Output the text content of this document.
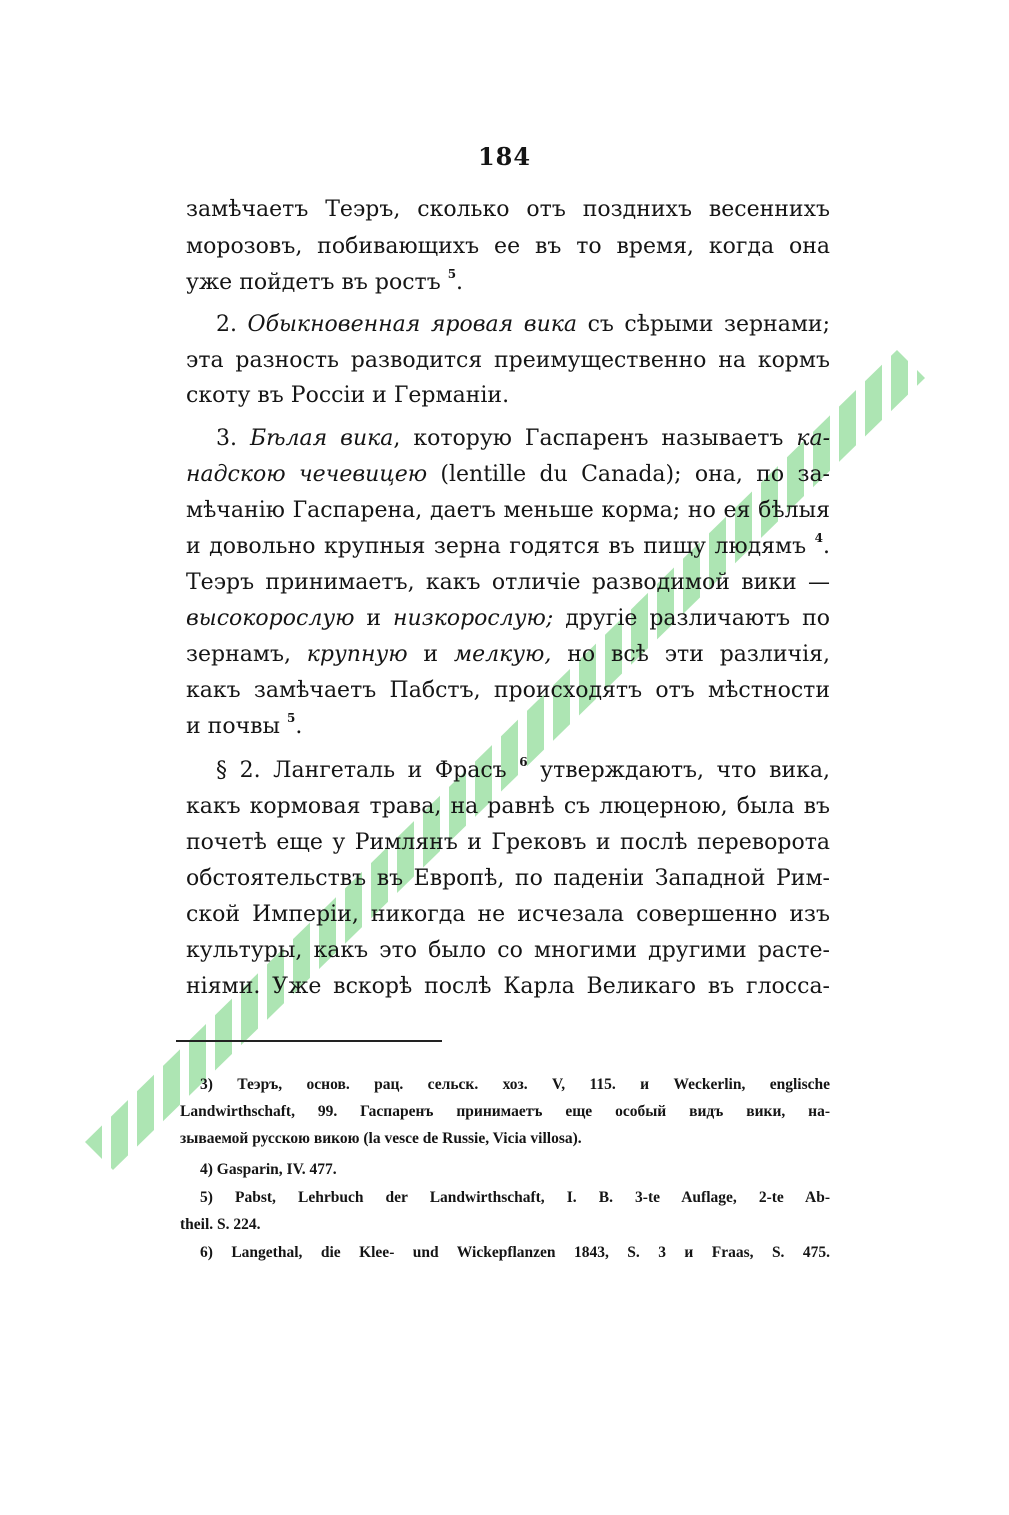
184
замѣчаетъ Теэръ, сколько отъ позднихъ весеннихъ
морозовъ, побивающихъ ее въ то время, когда она
уже пойдетъ въ ростъ $^5$.
2. Обыкновенная яровая вика съ сѣрыми зернами;
эта разность разводится преимущественно на кормъ
скоту въ Россіи и Германіи.
3. Бѣлая вика, которую Гаспаренъ называетъ ка-
надскою чечевицею (lentille du Canada); она, по за-
мѣчанію Гаспарена, даетъ меньше корма; но ея бѣлыя
и довольно крупныя зерна годятся въ пищу людямъ $^4$.
Теэръ принимаетъ, какъ отличіе разводимой вики —
высокорослую и низкорослую; другіе различаютъ по
зернамъ, крупную и мелкую, но всѣ эти различія,
какъ замѣчаетъ Пабстъ, происходятъ отъ мѣстности
и почвы $^5$.
§ 2. Лангеталь и Фрасъ $^6$ утверждаютъ, что вика,
какъ кормовая трава, на равнѣ съ люцерною, была въ
почетѣ еще у Римлянъ и Грековъ и послѣ переворота
обстоятельствъ въ Европѣ, по паденіи Западной Рим-
ской Имперіи, никогда не исчезала совершенно изъ
культуры, какъ это было со многими другими расте-
ніями. Уже вскорѣ послѣ Карла Великаго въ глосса-
3) Теэръ, основ. рац. сельск. хоз. V, 115. и Weckerlin, englische
Landwirthschaft, 99. Гаспаренъ принимаетъ еще особый видъ вики, на-
зываемой русскою викою (la vesce de Russie, Vicia villosa).
4) Gasparin, IV. 477.
5) Pabst, Lehrbuch der Landwirthschaft, I. B. 3-te Auflage, 2-te Ab-
theil. S. 224.
6) Langethal, die Klee- und Wickepflanzen 1843, S. 3 и Fraas, S. 475.
